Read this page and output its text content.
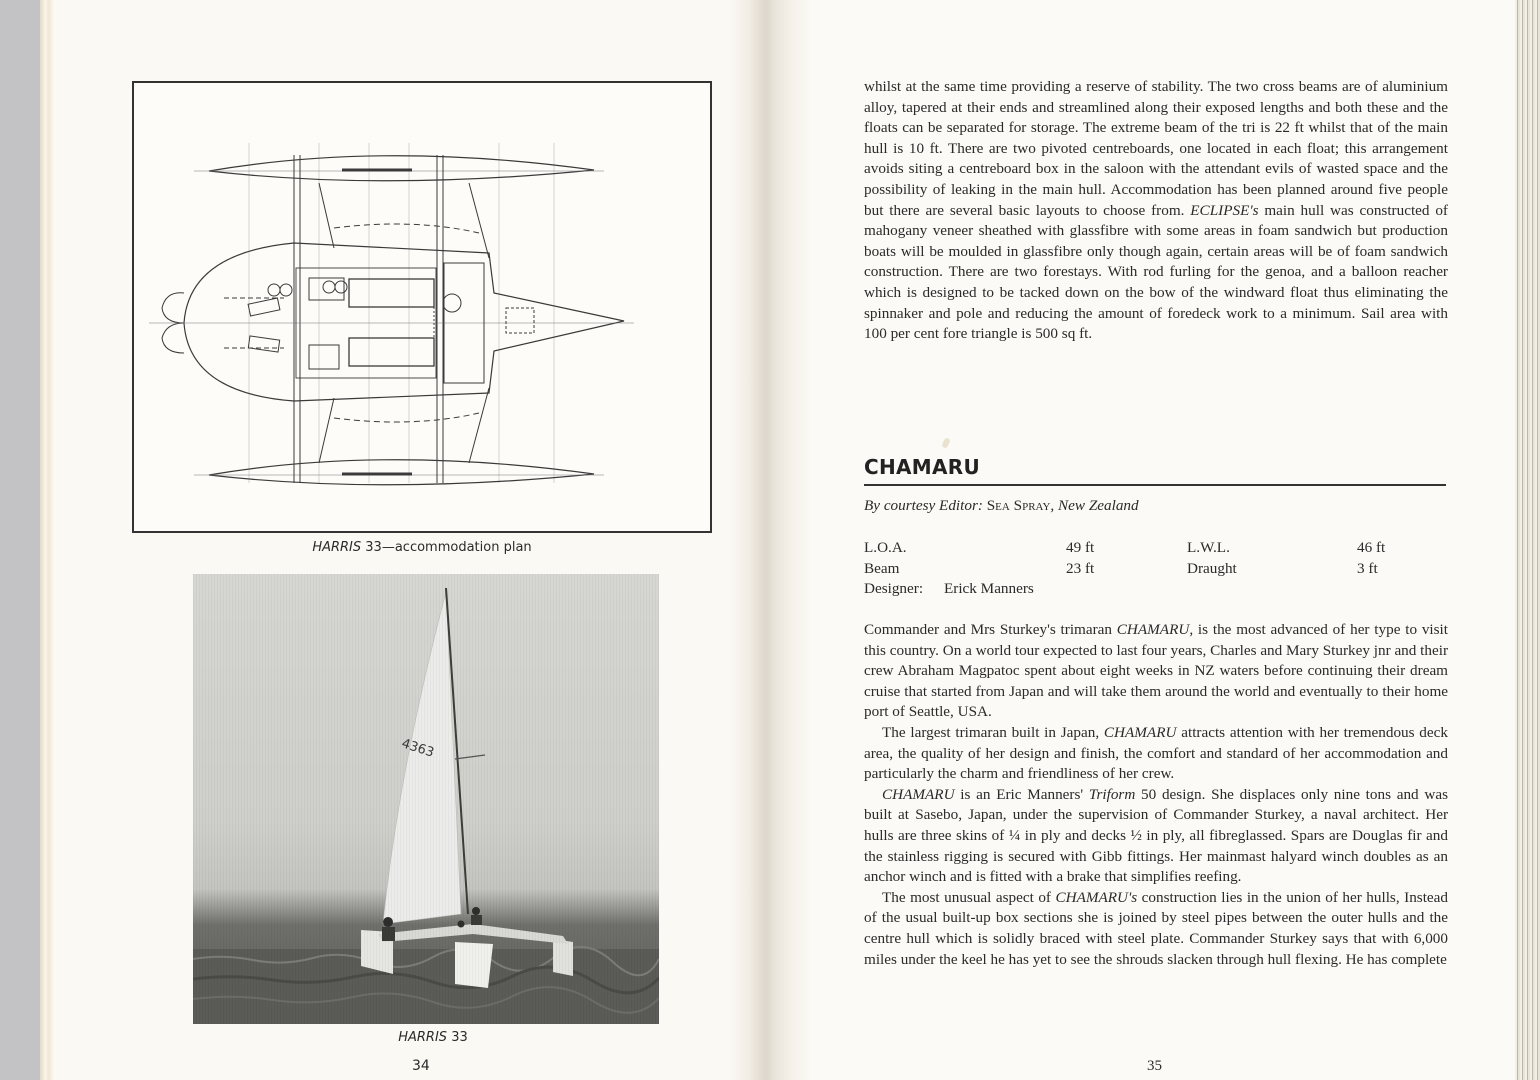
HARRIS 33—accommodation plan
HARRIS 33
34

whilst at the same time providing a reserve of stability. The two cross beams are of aluminium alloy, tapered at their ends and streamlined along their exposed lengths and both these and the floats can be separated for storage. The extreme beam of the tri is 22 ft whilst that of the main hull is 10 ft. There are two pivoted centreboards, one located in each float; this arrangement avoids siting a centreboard box in the saloon with the attendant evils of wasted space and the possibility of leaking in the main hull. Accommodation has been planned around five people but there are several basic layouts to choose from. ECLIPSE's main hull was constructed of mahogany veneer sheathed with glassfibre with some areas in foam sandwich but production boats will be moulded in glassfibre only though again, certain areas will be of foam sandwich construction. There are two forestays. With rod furling for the genoa, and a balloon reacher which is designed to be tacked down on the bow of the windward float thus eliminating the spinnaker and pole and reducing the amount of foredeck work to a minimum. Sail area with 100 per cent fore triangle is 500 sq ft.

CHAMARU
By courtesy Editor: Sea Spray, New Zealand
L.O.A.	49 ft	L.W.L.	46 ft
Beam	23 ft	Draught	3 ft
Designer: Erick Manners

Commander and Mrs Sturkey's trimaran CHAMARU, is the most advanced of her type to visit this country. On a world tour expected to last four years, Charles and Mary Sturkey jnr and their crew Abraham Magpatoc spent about eight weeks in NZ waters before continuing their dream cruise that started from Japan and will take them around the world and eventually to their home port of Seattle, USA.

The largest trimaran built in Japan, CHAMARU attracts attention with her tremendous deck area, the quality of her design and finish, the comfort and standard of her accommodation and particularly the charm and friendliness of her crew.

CHAMARU is an Eric Manners' Triform 50 design. She displaces only nine tons and was built at Sasebo, Japan, under the supervision of Commander Sturkey, a naval architect. Her hulls are three skins of ¼ in ply and decks ½ in ply, all fibreglassed. Spars are Douglas fir and the stainless rigging is secured with Gibb fittings. Her mainmast halyard winch doubles as an anchor winch and is fitted with a brake that simplifies reefing.

The most unusual aspect of CHAMARU's construction lies in the union of her hulls, Instead of the usual built-up box sections she is joined by steel pipes between the outer hulls and the centre hull which is solidly braced with steel plate. Commander Sturkey says that with 6,000 miles under the keel he has yet to see the shrouds slacken through hull flexing. He has complete

35
